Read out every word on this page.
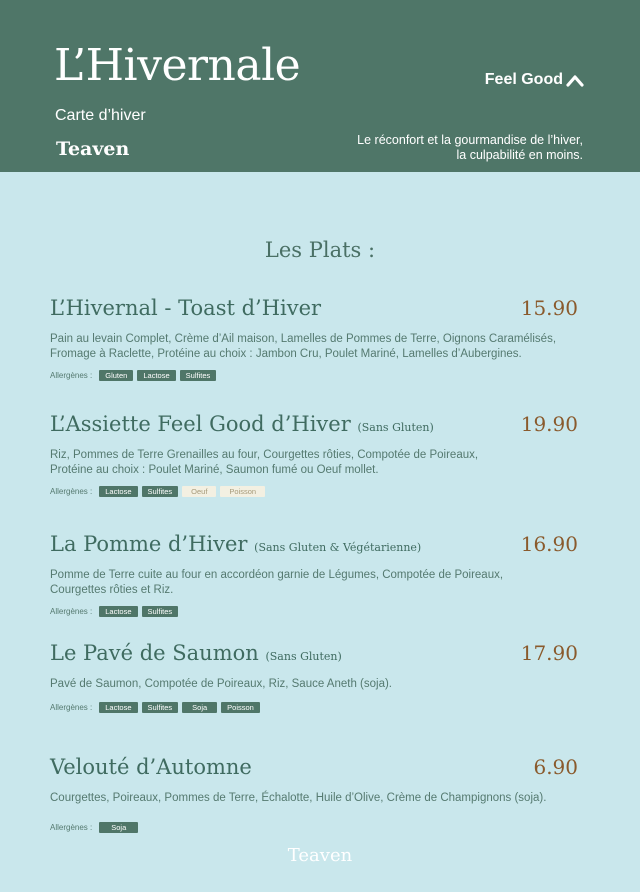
L’Hivernale
Carte d’hiver
Teaven
Feel Good
Le réconfort et la gourmandise de l’hiver,
la culpabilité en moins.
Les Plats :
L’Hivernal - Toast d’Hiver	15.90
Pain au levain Complet, Crème d’Ail maison, Lamelles de Pommes de Terre, Oignons Caramélisés,
Fromage à Raclette, Protéine au choix : Jambon Cru, Poulet Mariné, Lamelles d’Aubergines.
Allergènes :	Gluten	Lactose	Sulfites
L’Assiette Feel Good d’Hiver (Sans Gluten)	19.90
Riz, Pommes de Terre Grenailles au four, Courgettes rôties, Compotée de Poireaux,
Protéine au choix : Poulet Mariné, Saumon fumé ou Oeuf mollet.
Allergènes :	Lactose	Sulfites	Oeuf	Poisson
La Pomme d’Hiver (Sans Gluten & Végétarienne)	16.90
Pomme de Terre cuite au four en accordéon garnie de Légumes, Compotée de Poireaux,
Courgettes rôties et Riz.
Allergènes :	Lactose	Sulfites
Le Pavé de Saumon (Sans Gluten)	17.90
Pavé de Saumon, Compotée de Poireaux, Riz, Sauce Aneth (soja).
Allergènes :	Lactose	Sulfites	Soja	Poisson
Velouté d’Automne	6.90
Courgettes, Poireaux, Pommes de Terre, Échalotte, Huile d’Olive, Crème de Champignons (soja).
Allergènes :	Soja
Teaven
